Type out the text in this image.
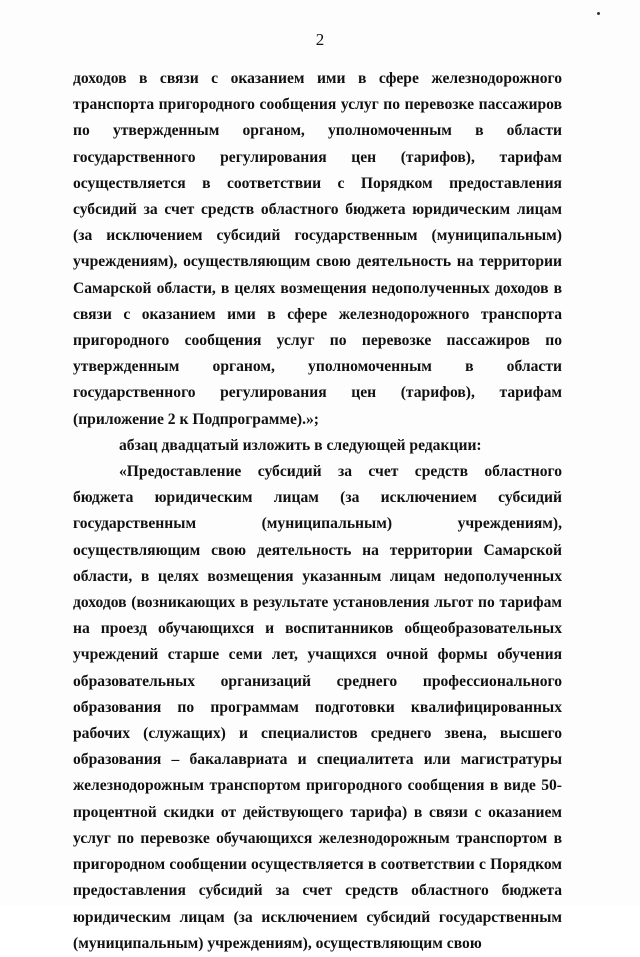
2

доходов в связи с оказанием ими в сфере железнодорожного транспорта пригородного сообщения услуг по перевозке пассажиров по утвержденным органом, уполномоченным в области государственного регулирования цен (тарифов), тарифам осуществляется в соответствии с Порядком предоставления субсидий за счет средств областного бюджета юридическим лицам (за исключением субсидий государственным (муниципальным) учреждениям), осуществляющим свою деятельность на территории Самарской области, в целях возмещения недополученных доходов в связи с оказанием ими в сфере железнодорожного транспорта пригородного сообщения услуг по перевозке пассажиров по утвержденным органом, уполномоченным в области государственного регулирования цен (тарифов), тарифам (приложение 2 к Подпрограмме).»;

абзац двадцатый изложить в следующей редакции:

«Предоставление субсидий за счет средств областного бюджета юридическим лицам (за исключением субсидий государственным (муниципальным) учреждениям), осуществляющим свою деятельность на территории Самарской области, в целях возмещения указанным лицам недополученных доходов (возникающих в результате установления льгот по тарифам на проезд обучающихся и воспитанников общеобразовательных учреждений старше семи лет, учащихся очной формы обучения образовательных организаций среднего профессионального образования по программам подготовки квалифицированных рабочих (служащих) и специалистов среднего звена, высшего образования – бакалавриата и специалитета или магистратуры железнодорожным транспортом пригородного сообщения в виде 50-процентной скидки от действующего тарифа) в связи с оказанием услуг по перевозке обучающихся железнодорожным транспортом в пригородном сообщении осуществляется в соответствии с Порядком предоставления субсидий за счет средств областного бюджета юридическим лицам (за исключением субсидий государственным (муниципальным) учреждениям), осуществляющим свою
